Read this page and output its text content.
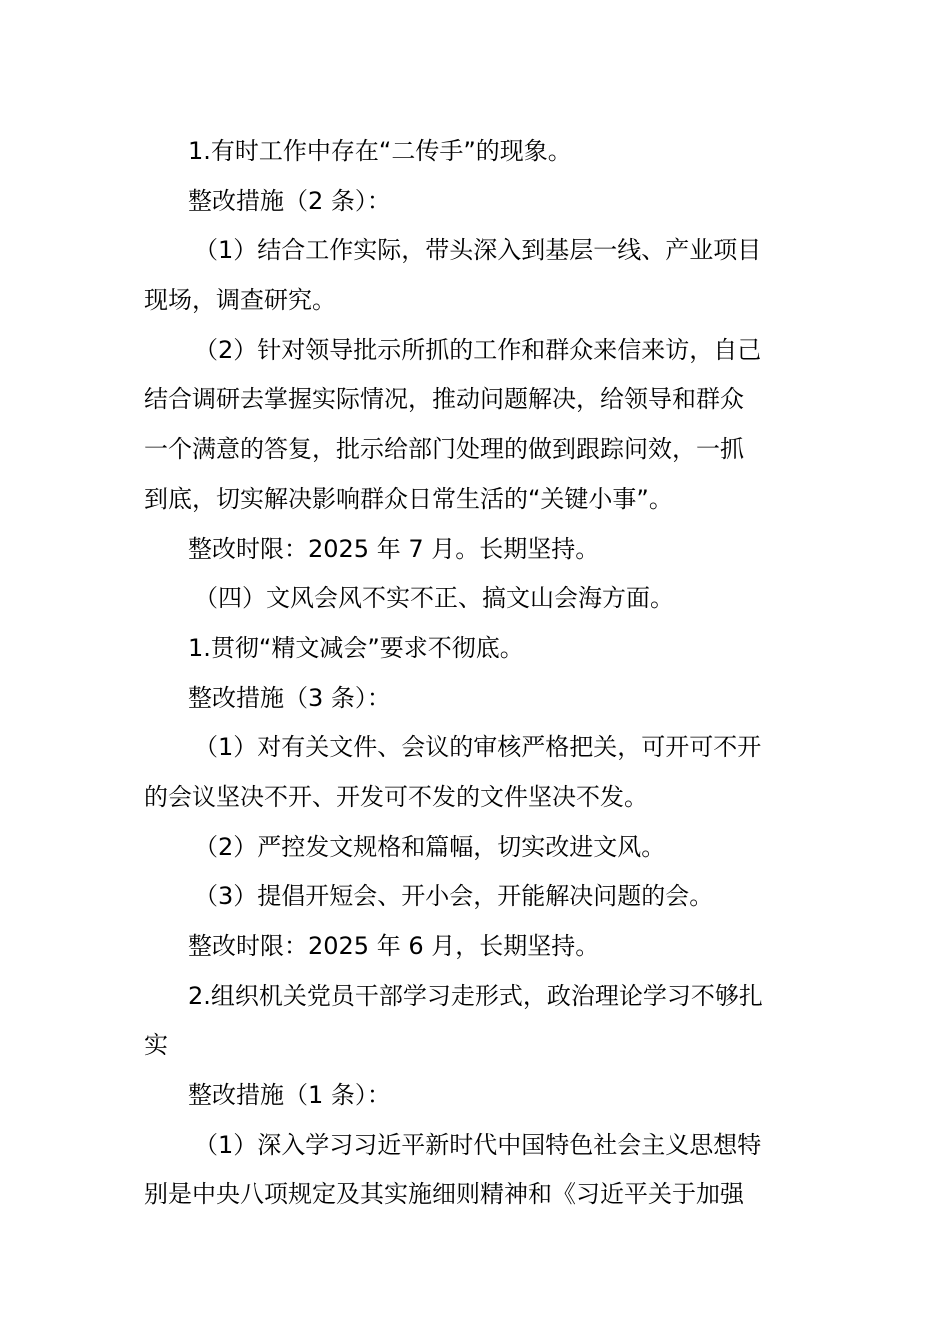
1.有时工作中存在“二传手”的现象。
整改措施（2 条）：
（1）结合工作实际，带头深入到基层一线、产业项目
现场，调查研究。
（2）针对领导批示所抓的工作和群众来信来访，自己
结合调研去掌握实际情况，推动问题解决，给领导和群众
一个满意的答复，批示给部门处理的做到跟踪问效，一抓
到底，切实解决影响群众日常生活的“关键小事”。
整改时限：2025 年 7 月。长期坚持。
（四）文风会风不实不正、搞文山会海方面。
1.贯彻“精文减会”要求不彻底。
整改措施（3 条）：
（1）对有关文件、会议的审核严格把关，可开可不开
的会议坚决不开、开发可不发的文件坚决不发。
（2）严控发文规格和篇幅，切实改进文风。
（3）提倡开短会、开小会，开能解决问题的会。
整改时限：2025 年 6 月，长期坚持。
2.组织机关党员干部学习走形式，政治理论学习不够扎
实
整改措施（1 条）：
（1）深入学习习近平新时代中国特色社会主义思想特
别是中央八项规定及其实施细则精神和《习近平关于加强
